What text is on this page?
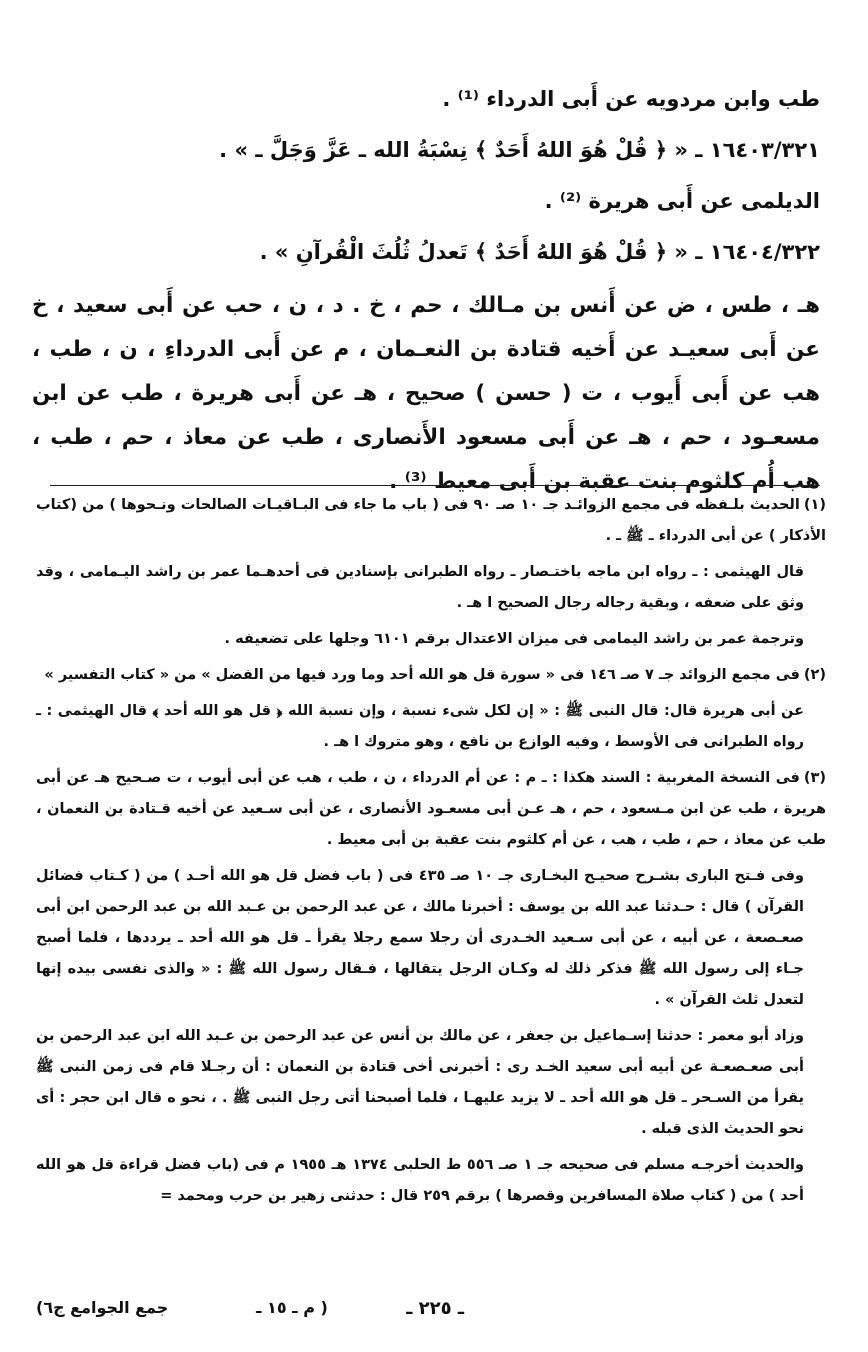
طب وابن مردويه عن أَبى الدرداء ⁽¹⁾ .

١٦٤٠٣/٣٢١ ـ « ﴿ قُلْ هُوَ اللهُ أَحَدٌ ﴾ نِسْبَةُ الله ـ عَزَّ وَجَلَّ ـ » .

الديلمى عن أَبى هريرة ⁽²⁾ .

١٦٤٠٤/٣٢٢ ـ « ﴿ قُلْ هُوَ اللهُ أَحَدٌ ﴾ تَعدلُ ثُلُثَ الْقُرآنِ » .

هـ ، طس ، ض عن أَنس بن مـالك ، حم ، خ . د ، ن ، حب عن أَبى سعيد ، خ عن أَبى سعيـد عن أَخيه قتادة بن النعـمان ، م عن أَبى الدرداءِ ، ن ، طب ، هب عن أَبى أَيوب ، ت ( حسن ) صحيح ، هـ عن أَبى هريرة ، طب عن ابن مسعـود ، حم ، هـ عن أَبى مسعود الأَنصارى ، طب عن معاذ ، حم ، طب ، هب أُم كلثوم بنت عقبة بن أَبى معيط ⁽³⁾ .

(١)الحديث بلـفظه فى مجمع الزوائـد جـ ١٠ صـ ٩٠ فى ( باب ما جاء فى البـاقيـات الصالحات ونـحوها ) من (كتاب الأذكار ) عن أبى الدرداء ـ ﷺ ـ .

قال الهيثمى : ـ رواه ابن ماجه باختـصار ـ رواه الطبرانى بإسنادين فى أحدهـما عمر بن راشد اليـمامى ، وقد وثق على ضعفه ، وبقية رجاله رجال الصحيح ا هـ .

وترجمة عمر بن راشد اليمامى فى ميزان الاعتدال برقم ٦١٠١ وجلها على تضعيفه .

(٢)فى مجمع الزوائد جـ ٧ صـ ١٤٦ فى « سورة قل هو الله أحد وما ورد فيها من الفضل » من « كتاب التفسير »

عن أبى هريرة قال: قال النبى ﷺ : « إن لكل شىء نسبة ، وإن نسبة الله ﴿ قل هو الله أحد ﴾ قال الهيثمى : ـ رواه الطبرانى فى الأوسط ، وفيه الوازع بن نافع ، وهو متروك ا هـ .

(٣)فى النسخة المغربية : السند هكذا : ـ م : عن أم الدرداء ، ن ، طب ، هب عن أبى أيوب ، ت صـحيح هـ عن أبى هريرة ، طب عن ابن مـسعود ، حم ، هـ عـن أبى مسعـود الأنصارى ، عن أبى سـعيد عن أخيه قـتادة بن النعمان ، طب عن معاذ ، حم ، طب ، هب ، عن أم كلثوم بنت عقبة بن أبى معيط .

وفى فـتح البارى بشـرح صحيـح البخـارى جـ ١٠ صـ ٤٣٥ فى ( باب فضل قل هو الله أحـد ) من ( كـتاب فضائل القرآن ) قال : حـدثنا عبد الله بن يوسف : أخبرنا مالك ، عن عبد الرحمن بن عـبد الله بن عبد الرحمن ابن أبى صعـصعة ، عن أبيه ، عن أبى سـعيد الخـدرى أن رجلا سمع رجلا يقرأ ـ قل هو الله أحد ـ يرددها ، فلما أصبح جـاء إلى رسول الله ﷺ فذكر ذلك له وكـان الرجل يتقالها ، فـقال رسول الله ﷺ : « والذى نفسى بيده إنها لتعدل ثلث القرآن » .

وزاد أبو معمر : حدثنا إسـماعيل بن جعفر ، عن مالك بن أنس عن عبد الرحمن بن عـبد الله ابن عبد الرحمن بن أبى صعـصعـة عن أبيه أبى سعيد الخـد رى : أخبرنى أخى قتادة بن النعمان : أن رجـلا قام فى زمن النبى ﷺ يقرأ من السـحر ـ قل هو الله أحد ـ لا يزيد عليهـا ، فلما أصبحنا أتى رجل النبى ﷺ . ، نحو ه قال ابن حجر : أى نحو الحديث الذى قبله .

والحديث أخرجـه مسلم فى صحيحه جـ ١ صـ ٥٥٦ ط الحلبى ١٣٧٤ هـ ١٩٥٥ م فى (باب فضل قراءة قل هو الله أحد ) من ( كتاب صلاة المسافرين وقصرها ) برقم ٢٥٩ قال : حدثنى زهير بن حرب ومحمد =

ـ ٢٢٥ ـ
( م ـ ١٥ ـ
جمع الجوامع ج٦)
